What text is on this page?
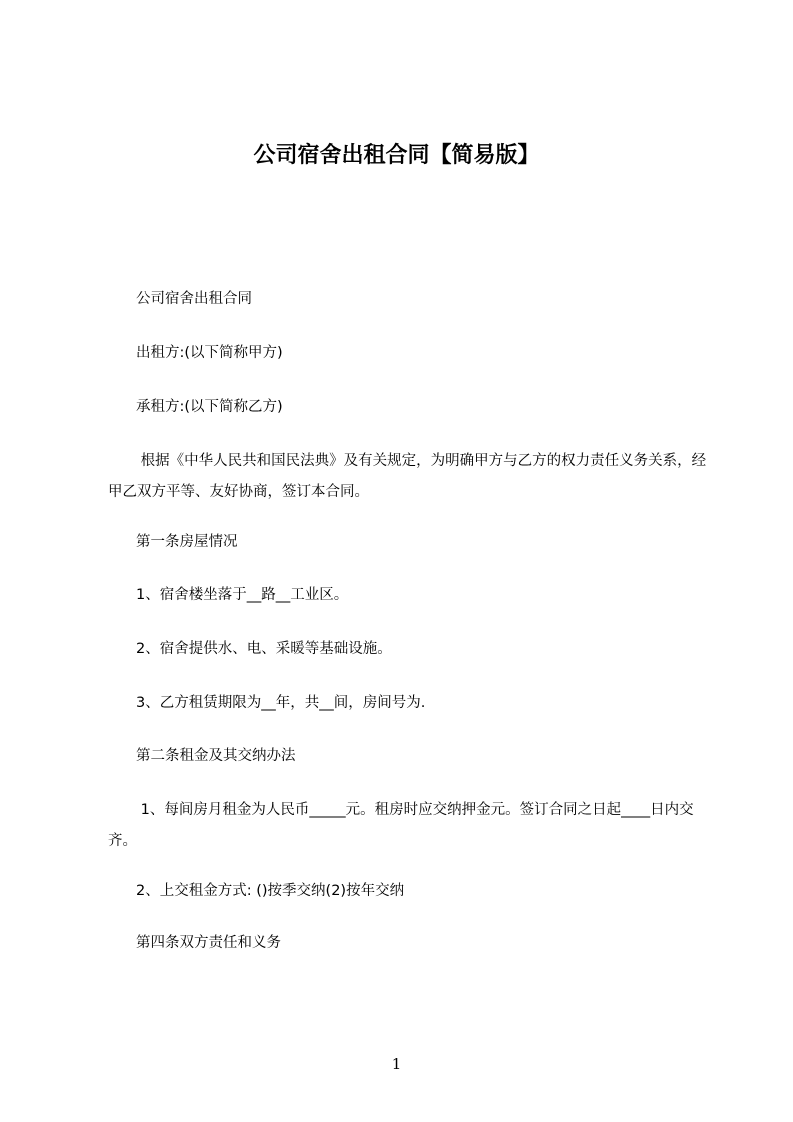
公司宿舍出租合同【简易版】
公司宿舍出租合同
出租方:(以下简称甲方)
承租方:(以下简称乙方)
根据《中华人民共和国民法典》及有关规定，为明确甲方与乙方的权力责任义务关系，经甲乙双方平等、友好协商，签订本合同。
第一条房屋情况
1、宿舍楼坐落于__路__工业区。
2、宿舍提供水、电、采暖等基础设施。
3、乙方租赁期限为__年，共__间，房间号为.
第二条租金及其交纳办法
1、每间房月租金为人民币_____元。租房时应交纳押金元。签订合同之日起____日内交齐。
2、上交租金方式: ()按季交纳(2)按年交纳
第四条双方责任和义务
1
